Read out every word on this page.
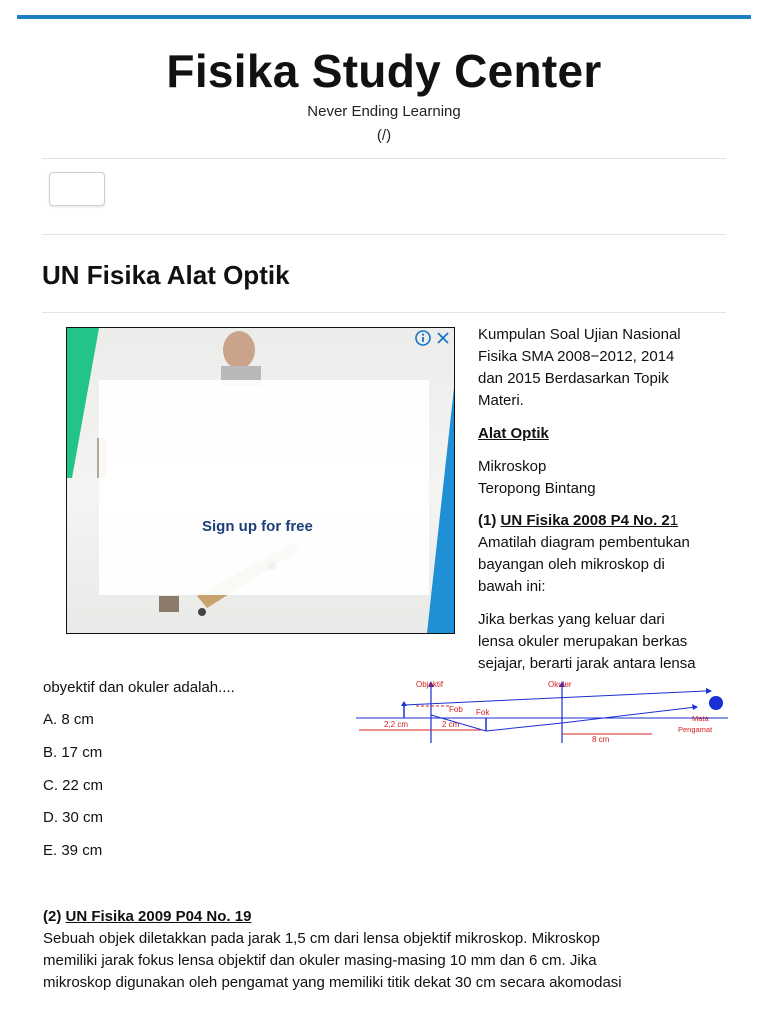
Fisika Study Center
Never Ending Learning
(/)
UN Fisika Alat Optik
Sign up for free
Kumpulan Soal Ujian Nasional
Fisika SMA 2008−2012, 2014
dan 2015 Berdasarkan Topik
Materi.
Alat Optik
Mikroskop
Teropong Bintang
(1) UN Fisika 2008 P4 No. 21
Amatilah diagram pembentukan
bayangan oleh mikroskop di
bawah ini:
Jika berkas yang keluar dari
lensa okuler merupakan berkas
sejajar, berarti jarak antara lensa
obyektif dan okuler adalah....
A. 8 cm
B. 17 cm
C. 22 cm
D. 30 cm
E. 39 cm
Objektif	Okuler
Fob Fok
2,2 cm	2 cm
8 cm
Mata
Pengamat
(2) UN Fisika 2009 P04 No. 19
Sebuah objek diletakkan pada jarak 1,5 cm dari lensa objektif mikroskop. Mikroskop
memiliki jarak fokus lensa objektif dan okuler masing-masing 10 mm dan 6 cm. Jika
mikroskop digunakan oleh pengamat yang memiliki titik dekat 30 cm secara akomodasi
